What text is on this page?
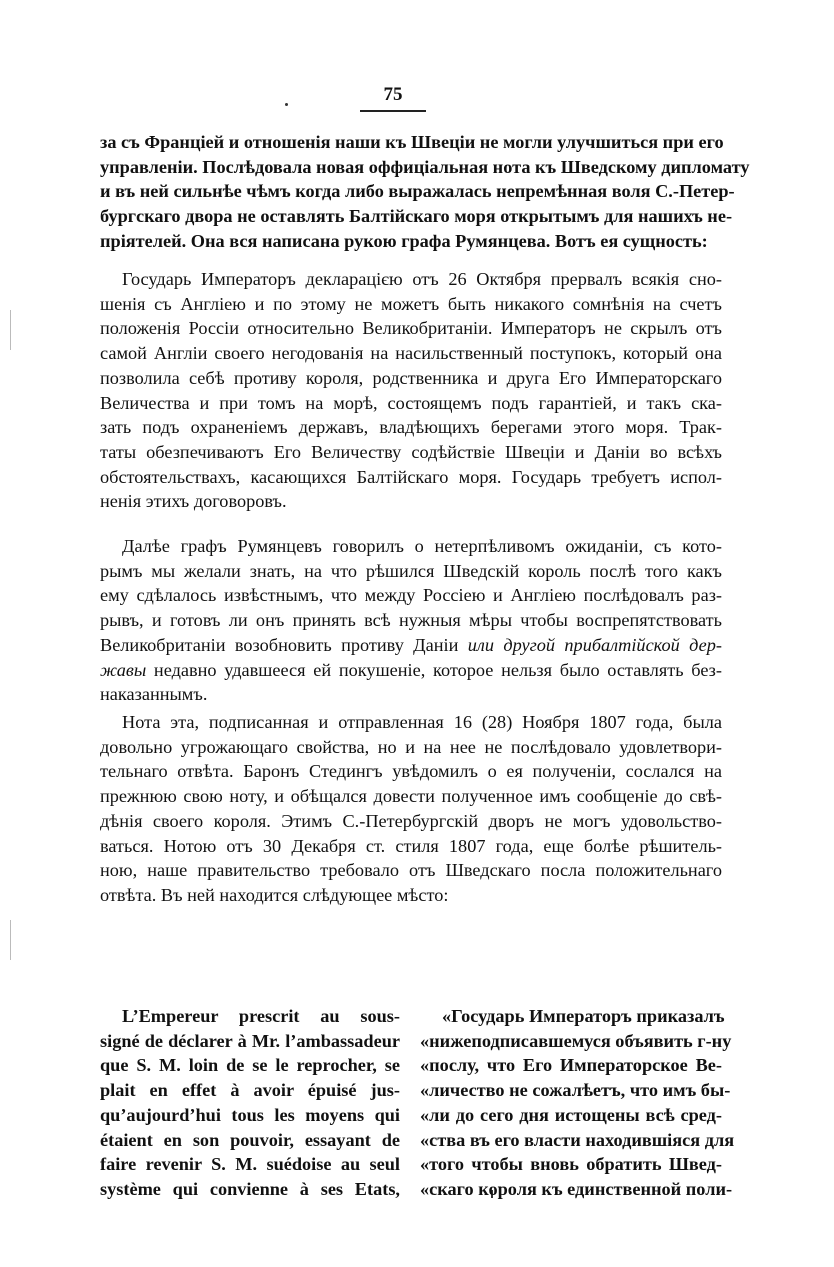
75
за съ Франціей и отношенія наши къ Швеціи не могли улучшиться при его
управленіи. Послѣдовала новая оффиціальная нота къ Шведскому дипломату
и въ ней сильнѣе чѣмъ когда либо выражалась непремѣнная воля С.-Петер-
бургскаго двора не оставлять Балтійскаго моря открытымъ для нашихъ не-
пріятелей. Она вся написана рукою графа Румянцева. Вотъ ея сущность:
Государь Императоръ декларацією отъ 26 Октября прервалъ всякія сно-
шенія съ Англіею и по этому не можетъ быть никакого сомнѣнія на счетъ
положенія Россіи относительно Великобританіи. Императоръ не скрылъ отъ
самой Англіи своего негодованія на насильственный поступокъ, который она
позволила себѣ противу короля, родственника и друга Его Императорскаго
Величества и при томъ на морѣ, состоящемъ подъ гарантіей, и такъ ска-
зать подъ охраненіемъ державъ, владѣющихъ берегами этого моря. Трак-
таты обезпечиваютъ Его Величеству содѣйствіе Швеціи и Даніи во всѣхъ
обстоятельствахъ, касающихся Балтійскаго моря. Государь требуетъ испол-
ненія этихъ договоровъ.
Далѣе графъ Румянцевъ говорилъ о нетерпѣливомъ ожиданіи, съ кото-
рымъ мы желали знать, на что рѣшился Шведскій король послѣ того какъ
ему сдѣлалось извѣстнымъ, что между Россіею и Англіею послѣдовалъ раз-
рывъ, и готовъ ли онъ принять всѣ нужныя мѣры чтобы воспрепятствовать
Великобританіи возобновить противу Даніи или другой прибалтійской дер-
жавы недавно удавшееся ей покушеніе, которое нельзя было оставлять без-
наказаннымъ.
Нота эта, подписанная и отправленная 16 (28) Ноября 1807 года, была
довольно угрожающаго свойства, но и на нее не послѣдовало удовлетвори-
тельнаго отвѣта. Баронъ Стедингъ увѣдомилъ о ея полученіи, сослался на
прежнюю свою ноту, и обѣщался довести полученное имъ сообщеніе до свѣ-
дѣнія своего короля. Этимъ С.-Петербургскій дворъ не могъ удовольство-
ваться. Нотою отъ 30 Декабря ст. стиля 1807 года, еще болѣе рѣшитель-
ною, наше правительство требовало отъ Шведскаго посла положительнаго
отвѣта. Въ ней находится слѣдующее мѣсто:
L’Empereur prescrit au sous-
signé de déclarer à Mr. l’ambassadeur
que S. M. loin de se le reprocher, se
plait en effet à avoir épuisé jus-
qu’aujourd’hui tous les moyens qui
étaient en son pouvoir, essayant de
faire revenir S. M. suédoise au seul
système qui convienne à ses Etats,
«Государь Императоръ приказалъ
«нижеподписавшемуся объявить г-ну
«послу, что Его Императорское Ве-
«личество не сожалѣетъ, что имъ бы-
«ли до сего дня истощены всѣ сред-
«ства въ его власти находившіяся для
«того чтобы вновь обратить Швед-
«скаго короля къ единственной поли-
